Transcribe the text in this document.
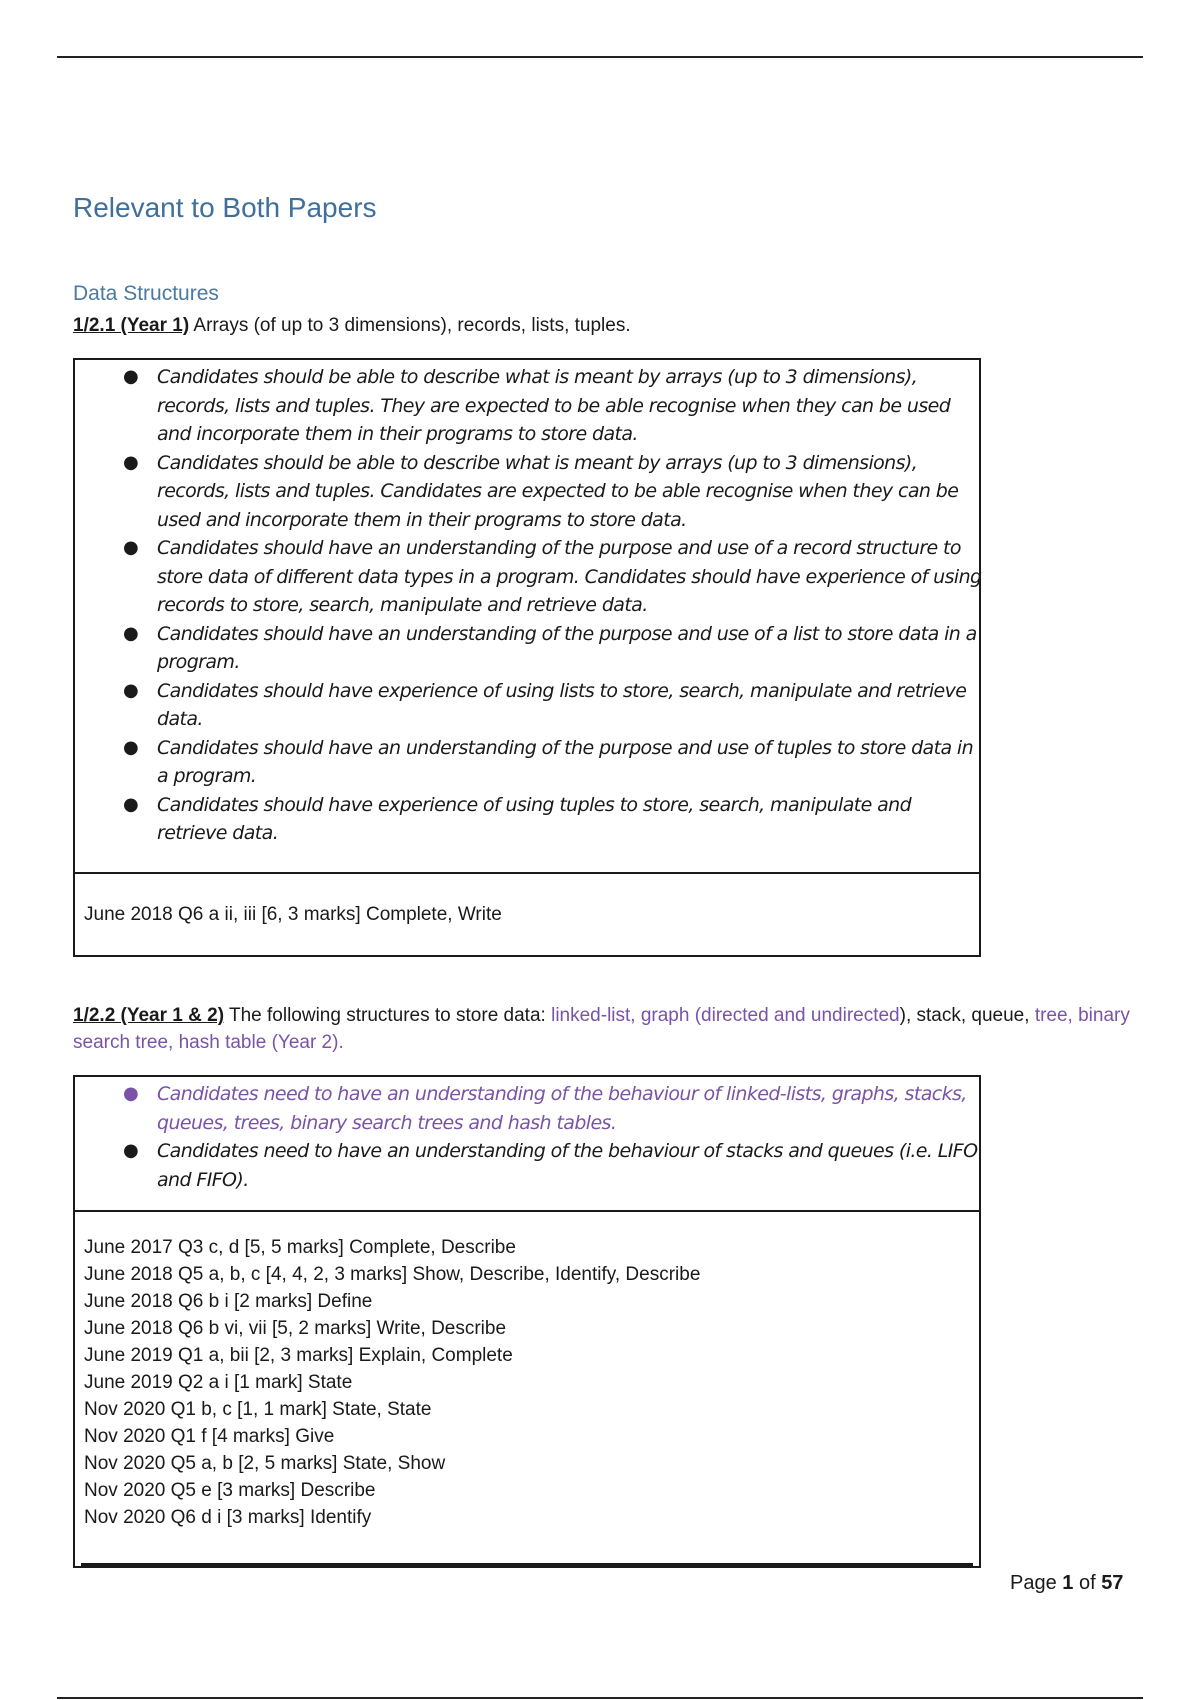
Relevant to Both Papers
Data Structures
1/2.1 (Year 1) Arrays (of up to 3 dimensions), records, lists, tuples.
● Candidates should be able to describe what is meant by arrays (up to 3 dimensions), records, lists and tuples. They are expected to be able recognise when they can be used and incorporate them in their programs to store data.
● Candidates should be able to describe what is meant by arrays (up to 3 dimensions), records, lists and tuples. Candidates are expected to be able recognise when they can be used and incorporate them in their programs to store data.
● Candidates should have an understanding of the purpose and use of a record structure to store data of different data types in a program. Candidates should have experience of using records to store, search, manipulate and retrieve data.
● Candidates should have an understanding of the purpose and use of a list to store data in a program.
● Candidates should have experience of using lists to store, search, manipulate and retrieve data.
● Candidates should have an understanding of the purpose and use of tuples to store data in a program.
● Candidates should have experience of using tuples to store, search, manipulate and retrieve data.
June 2018 Q6 a ii, iii [6, 3 marks] Complete, Write
1/2.2 (Year 1 & 2) The following structures to store data: linked-list, graph (directed and undirected), stack, queue, tree, binary search tree, hash table (Year 2).
● Candidates need to have an understanding of the behaviour of linked-lists, graphs, stacks, queues, trees, binary search trees and hash tables.
● Candidates need to have an understanding of the behaviour of stacks and queues (i.e. LIFO and FIFO).
June 2017 Q3 c, d [5, 5 marks] Complete, Describe
June 2018 Q5 a, b, c [4, 4, 2, 3 marks] Show, Describe, Identify, Describe
June 2018 Q6 b i [2 marks] Define
June 2018 Q6 b vi, vii [5, 2 marks] Write, Describe
June 2019 Q1 a, bii [2, 3 marks] Explain, Complete
June 2019 Q2 a i [1 mark] State
Nov 2020 Q1 b, c [1, 1 mark] State, State
Nov 2020 Q1 f [4 marks] Give
Nov 2020 Q5 a, b [2, 5 marks] State, Show
Nov 2020 Q5 e [3 marks] Describe
Nov 2020 Q6 d i [3 marks] Identify
Page 1 of 57
